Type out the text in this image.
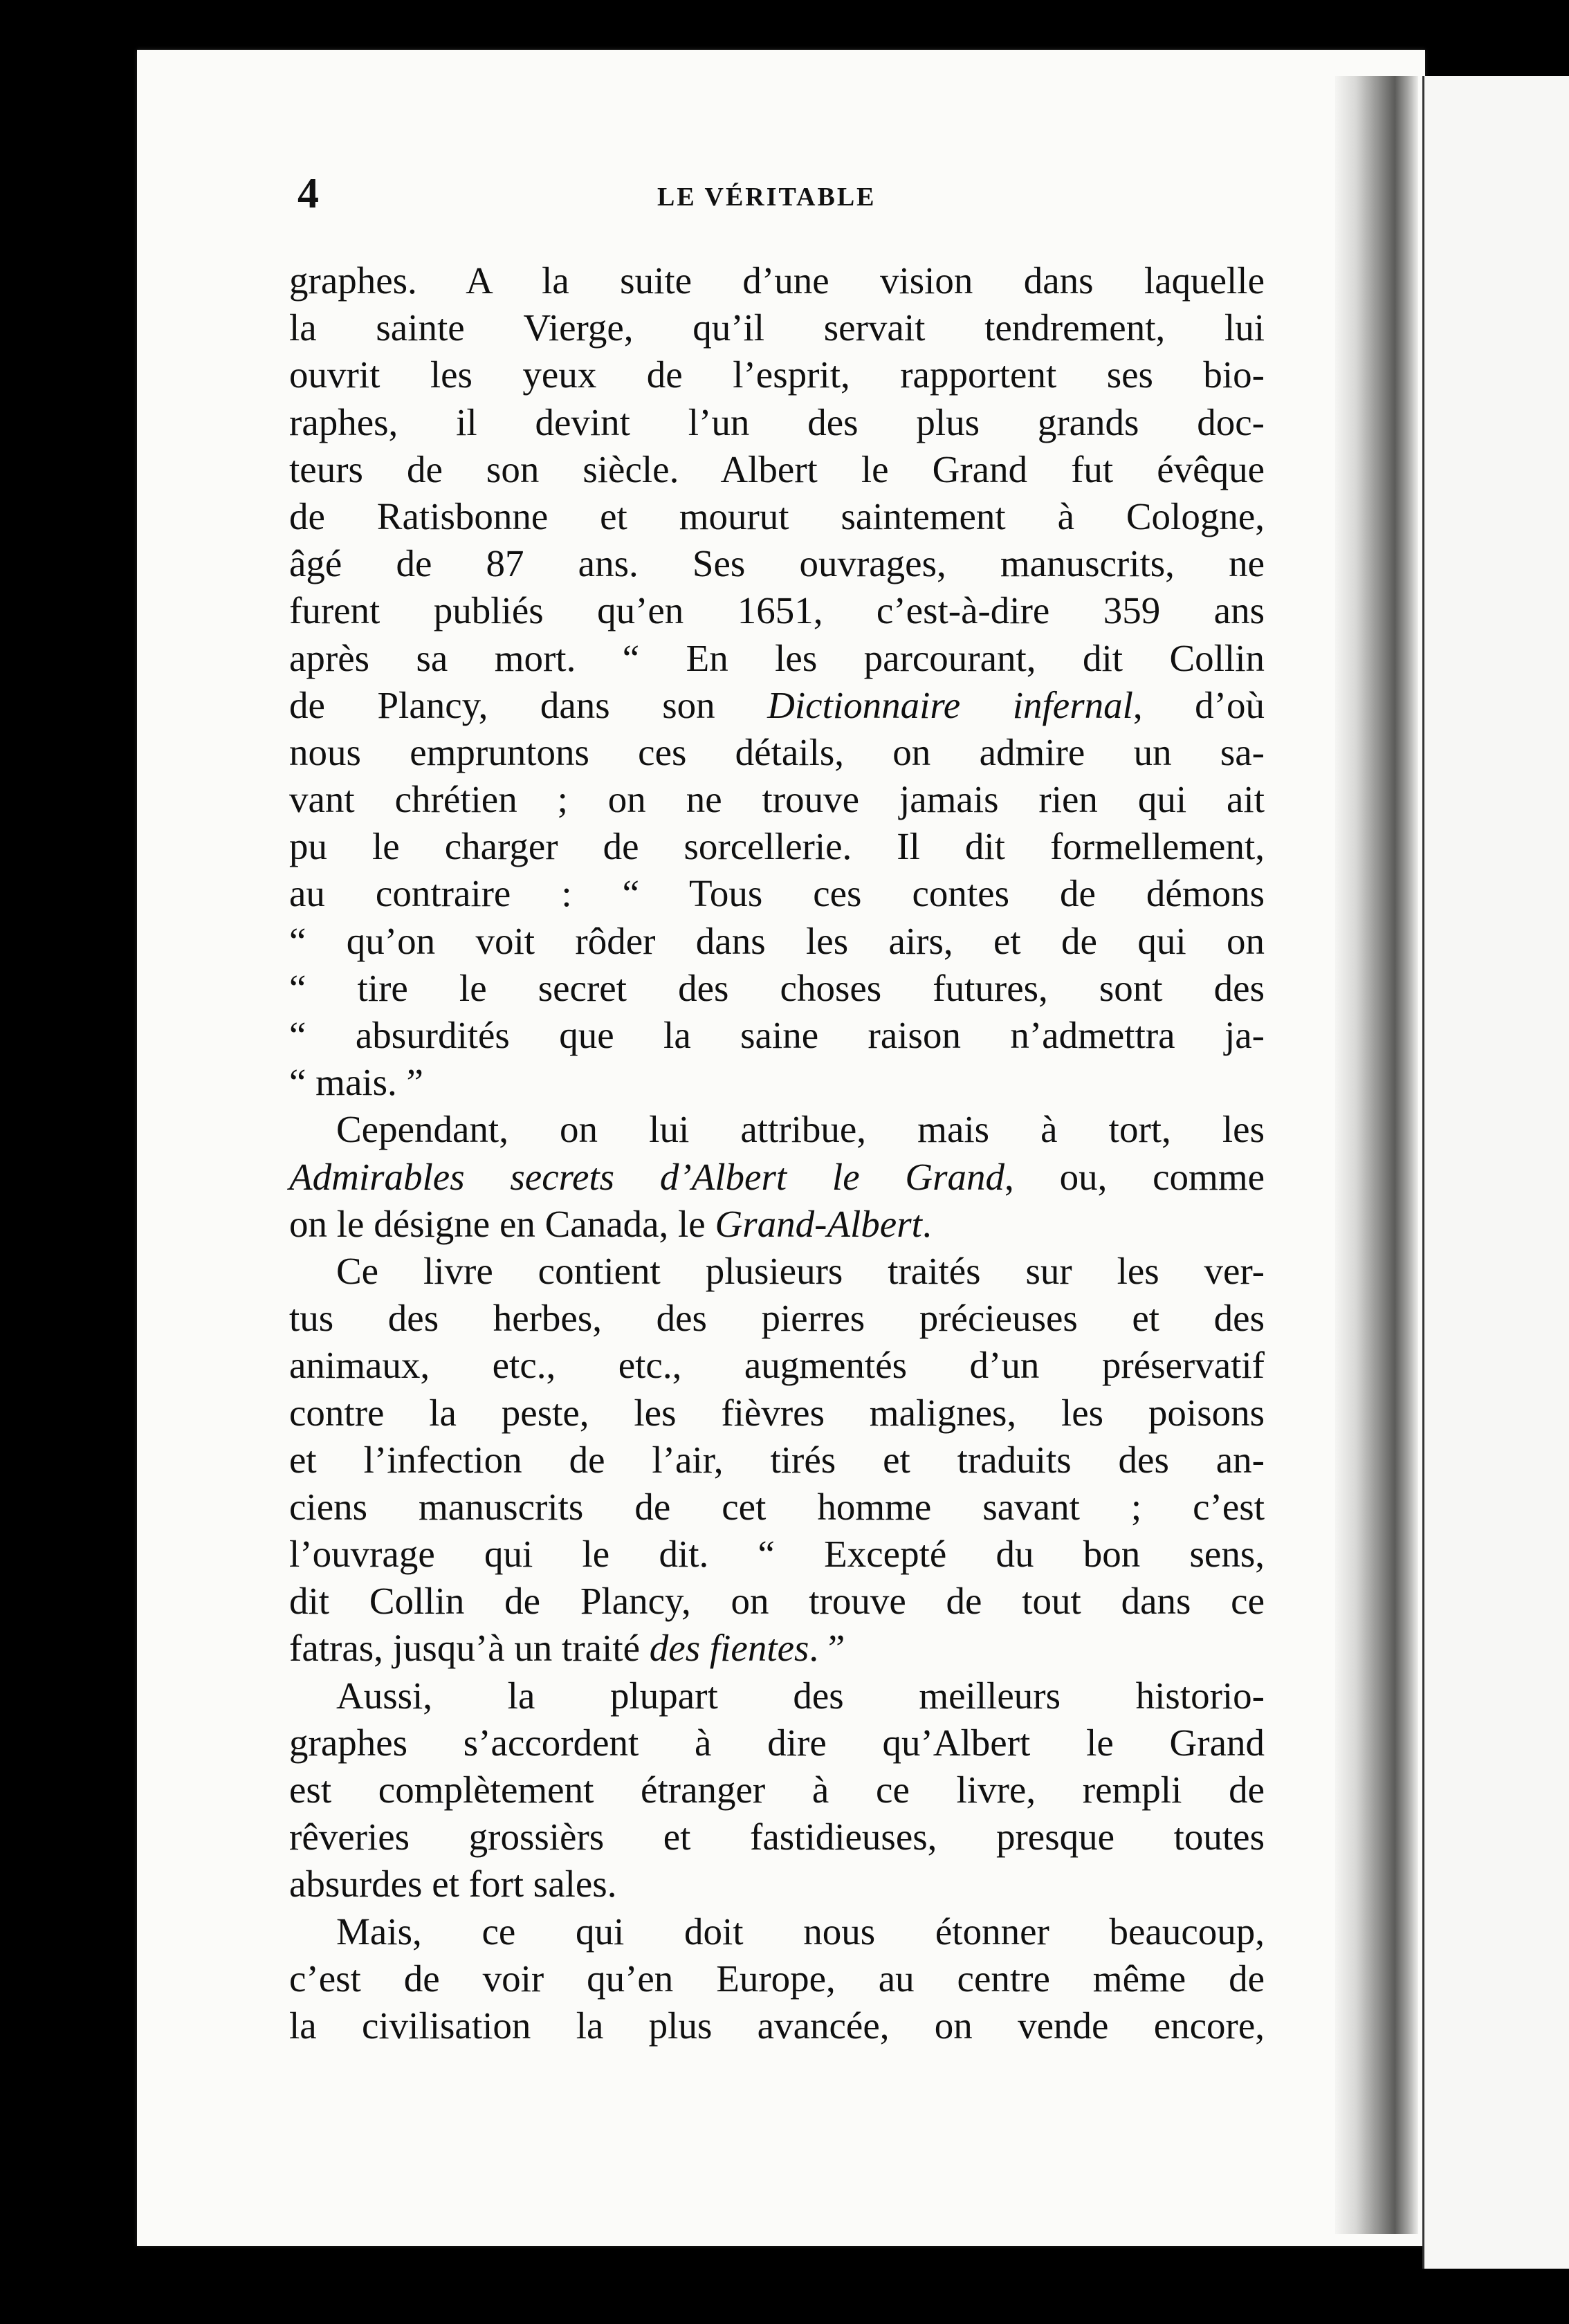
4	LE VÉRITABLE
graphes. A la suite d’une vision dans laquelle
la sainte Vierge, qu’il servait tendrement, lui
ouvrit les yeux de l’esprit, rapportent ses bio-
raphes, il devint l’un des plus grands doc-
teurs de son siècle. Albert le Grand fut évêque
de Ratisbonne et mourut saintement à Cologne,
âgé de 87 ans. Ses ouvrages, manuscrits, ne
furent publiés qu’en 1651, c’est-à-dire 359 ans
après sa mort. “ En les parcourant, dit Collin
de Plancy, dans son Dictionnaire infernal, d’où
nous empruntons ces détails, on admire un sa-
vant chrétien ; on ne trouve jamais rien qui ait
pu le charger de sorcellerie. Il dit formellement,
au contraire : “ Tous ces contes de démons
“ qu’on voit rôder dans les airs, et de qui on
“ tire le secret des choses futures, sont des
“ absurdités que la saine raison n’admettra ja-
“ mais. ”
Cependant, on lui attribue, mais à tort, les
Admirables secrets d’Albert le Grand, ou, comme
on le désigne en Canada, le Grand-Albert.
Ce livre contient plusieurs traités sur les ver-
tus des herbes, des pierres précieuses et des
animaux, etc., etc., augmentés d’un préservatif
contre la peste, les fièvres malignes, les poisons
et l’infection de l’air, tirés et traduits des an-
ciens manuscrits de cet homme savant ; c’est
l’ouvrage qui le dit. “ Excepté du bon sens,
dit Collin de Plancy, on trouve de tout dans ce
fatras, jusqu’à un traité des fientes. ”
Aussi, la plupart des meilleurs historio-
graphes s’accordent à dire qu’Albert le Grand
est complètement étranger à ce livre, rempli de
rêveries grossièrs et fastidieuses, presque toutes
absurdes et fort sales.
Mais, ce qui doit nous étonner beaucoup,
c’est de voir qu’en Europe, au centre même de
la civilisation la plus avancée, on vende encore,
